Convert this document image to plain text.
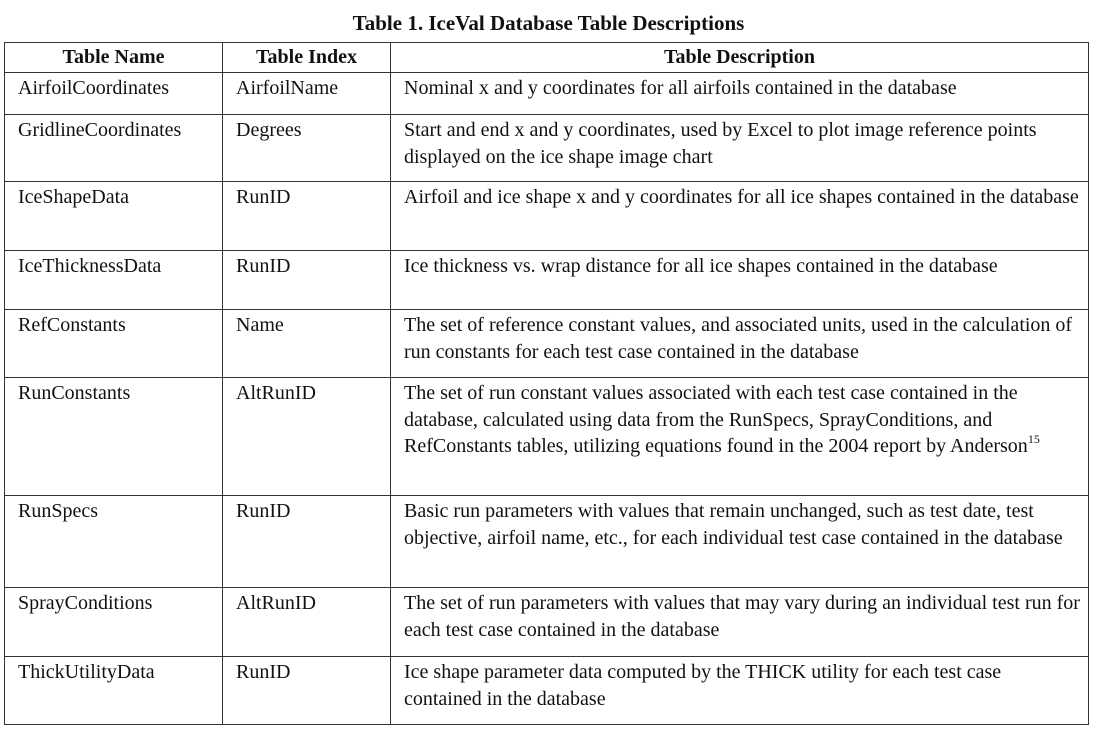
Table 1. IceVal Database Table Descriptions
Table Name	Table Index	Table Description
AirfoilCoordinates	AirfoilName	Nominal x and y coordinates for all airfoils contained in the database
GridlineCoordinates	Degrees	Start and end x and y coordinates, used by Excel to plot image reference points displayed on the ice shape image chart
IceShapeData	RunID	Airfoil and ice shape x and y coordinates for all ice shapes contained in the database
IceThicknessData	RunID	Ice thickness vs. wrap distance for all ice shapes contained in the database
RefConstants	Name	The set of reference constant values, and associated units, used in the calculation of run constants for each test case contained in the database
RunConstants	AltRunID	The set of run constant values associated with each test case contained in the database, calculated using data from the RunSpecs, SprayConditions, and RefConstants tables, utilizing equations found in the 2004 report by Anderson$^{15}$
RunSpecs	RunID	Basic run parameters with values that remain unchanged, such as test date, test objective, airfoil name, etc., for each individual test case contained in the database
SprayConditions	AltRunID	The set of run parameters with values that may vary during an individual test run for each test case contained in the database
ThickUtilityData	RunID	Ice shape parameter data computed by the THICK utility for each test case contained in the database
